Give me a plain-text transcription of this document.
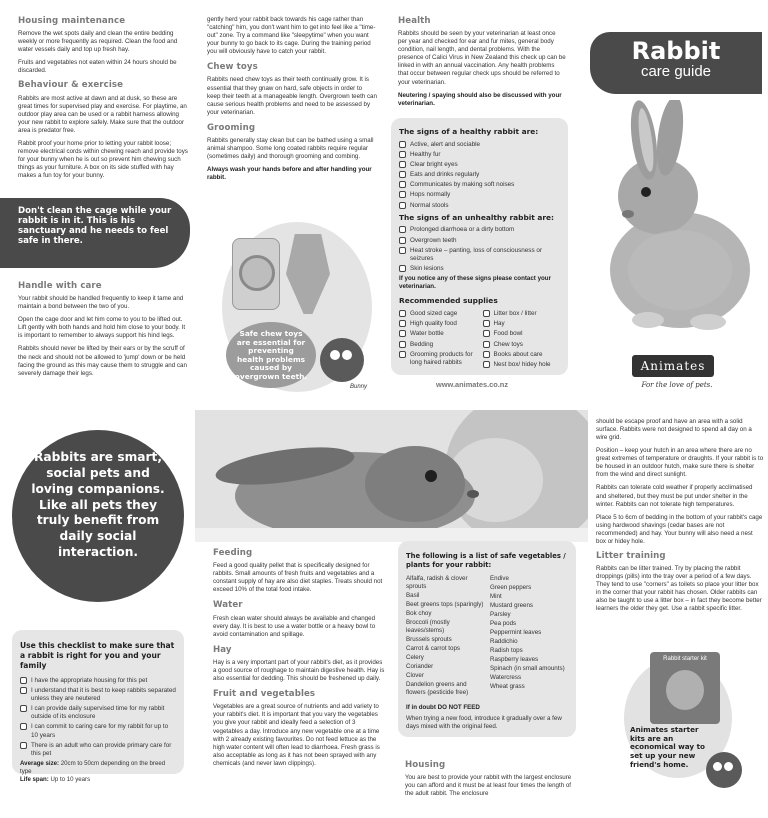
Housing maintenance

Remove the wet spots daily and clean the entire bedding weekly or more frequently as required. Clean the food and water vessels daily and top up fresh hay.

Fruits and vegetables not eaten within 24 hours should be discarded.

Behaviour & exercise

Rabbits are most active at dawn and at dusk, so these are great times for supervised play and exercise. For playtime, an outdoor play area can be used or a rabbit harness allowing your new rabbit to explore safely. Make sure that the outdoor area is predator free.

Rabbit proof your home prior to letting your rabbit loose; remove electrical cords within chewing reach and provide toys for your bunny when he is out so prevent him chewing such things as your furniture. A box on its side stuffed with hay makes a fun toy for your bunny.

Don't clean the cage while your rabbit is in it. This is his sanctuary and he needs to feel safe in there.
Handle with care

Your rabbit should be handled frequently to keep it tame and maintain a bond between the two of you.

Open the cage door and let him come to you to be lifted out. Lift gently with both hands and hold him close to your body. It is important to remember to always support his hind legs.

Rabbits should never be lifted by their ears or by the scruff of the neck and should not be allowed to 'jump' down or be held facing the ground as this may cause them to struggle and can severely damage their legs.

gently herd your rabbit back towards his cage rather than "catching" him, you don't want him to get into feel like a "time-out" zone. Try a command like "sleepytime" when you want your bunny to go back to its cage. During the training period you will obviously have to catch your rabbit.

Chew toys

Rabbits need chew toys as their teeth continually grow. It is essential that they gnaw on hard, safe objects in order to keep their teeth at a manageable length. Overgrown teeth can cause serious health problems and need to be assessed by your veterinarian.

Grooming

Rabbits generally stay clean but can be bathed using a small animal shampoo. Some long coated rabbits require regular (sometimes daily) and thorough grooming and combing.

Always wash your hands before and after handling your rabbit.

Safe chew toys are essential for preventing health problems caused by overgrown teeth.
Bunny
Health

Rabbits should be seen by your veterinarian at least once per year and checked for ear and fur mites, general body condition, nail length, and dental problems. With the presence of Calici Virus in New Zealand this check up can be linked in with an annual vaccination. Any health problems that occur between regular check ups should be referred to your veterinarian.

Neutering / spaying should also be discussed with your veterinarian.

The signs of a healthy rabbit are:
Active, alert and sociable
Healthy fur
Clear bright eyes
Eats and drinks regularly
Communicates by making soft noises
Hops normally
Normal stools
The signs of an unhealthy rabbit are:
Prolonged diarrhoea or a dirty bottom
Overgrown teeth
Heat stroke – panting, loss of consciousness or seizures
Skin lesions

If you notice any of these signs please contact your veterinarian.

Recommended supplies
Good sized cage
High quality food
Water bottle
Bedding
Grooming products for long haired rabbits
Litter box / litter
Hay
Food bowl
Chew toys
Books about care
Nest box/ hidey hole
www.animates.co.nz
Rabbit
care guide
Animates
For the love of pets.
Rabbits are smart, social pets and loving companions. Like all pets they truly benefit from daily social interaction.
Use this checklist to make sure that a rabbit is right for you and your family
I have the appropriate housing for this pet
I understand that it is best to keep rabbits separated unless they are neutered
I can provide daily supervised time for my rabbit outside of its enclosure
I can commit to caring care for my rabbit for up to 10 years
There is an adult who can provide primary care for this pet
Average size: 20cm to 50cm depending on the breed type
Life span: Up to 10 years
Feeding

Feed a good quality pellet that is specifically designed for rabbits. Small amounts of fresh fruits and vegetables and a constant supply of hay are also diet staples. Treats should not exceed 10% of the total food intake.

Water

Fresh clean water should always be available and changed every day. It is best to use a water bottle or a heavy bowl to avoid contamination and spillage.

Hay

Hay is a very important part of your rabbit's diet, as it provides a good source of roughage to maintain digestive health. Hay is also essential for dedding. This should be freshened up daily.

Fruit and vegetables

Vegetables are a great source of nutrients and add variety to your rabbit's diet. It is important that you vary the vegetables you give your rabbit and ideally feed a selection of 3 vegetables a day. Introduce any new vegetable one at a time with 2 already existing favourites. Do not feed lettuce as the high water content will often lead to diarrhoea. Fresh grass is also acceptable as long as it has not been sprayed with any chemicals (and never lawn clippings).

The following is a list of safe vegetables / plants for your rabbit:
Alfalfa, radish & clover sprouts
Basil
Beet greens tops (sparingly)
Bok choy
Broccoli (mostly leaves/stems)
Brussels sprouts
Carrot & carrot tops
Celery
Coriander
Clover
Dandelion greens and flowers (pesticide free)
Endive
Green peppers
Mint
Mustard greens
Parsley
Pea pods
Peppermint leaves
Raddichio
Radish tops
Raspberry leaves
Spinach (in small amounts)
Watercress
Wheat grass

If in doubt DO NOT FEED

When trying a new food, introduce it gradually over a few days mixed with the original feed.

Housing

You are best to provide your rabbit with the largest enclosure you can afford and it must be at least four times the length of the adult rabbit. The enclosure

should be escape proof and have an area with a solid surface. Rabbits were not designed to spend all day on a wire grid.

Position – keep your hutch in an area where there are no great extremes of temperature or draughts. If your rabbit is to be housed in an outdoor hutch, make sure there is shelter from the wind and direct sunlight.

Rabbits can tolerate cold weather if properly acclimatised and sheltered, but they must be put under shelter in the winter. Rabbits can not tolerate high temperatures.

Place 5 to 6cm of bedding in the bottom of your rabbit's cage using hardwood shavings (cedar bases are not recommended) and hay. Your bunny will also need a nest box or hidey hole.

Litter training

Rabbits can be litter trained. Try by placing the rabbit droppings (pills) into the tray over a period of a few days. They tend to use "corners" as toilets so place your litter box in the corner that your rabbit has chosen. Older rabbits can also be taught to use a litter box – in fact they become better learners the older they get. Use a rabbit specific litter.

Rabbit starter kit
Animates starter kits are an economical way to set up your new friend's home.
